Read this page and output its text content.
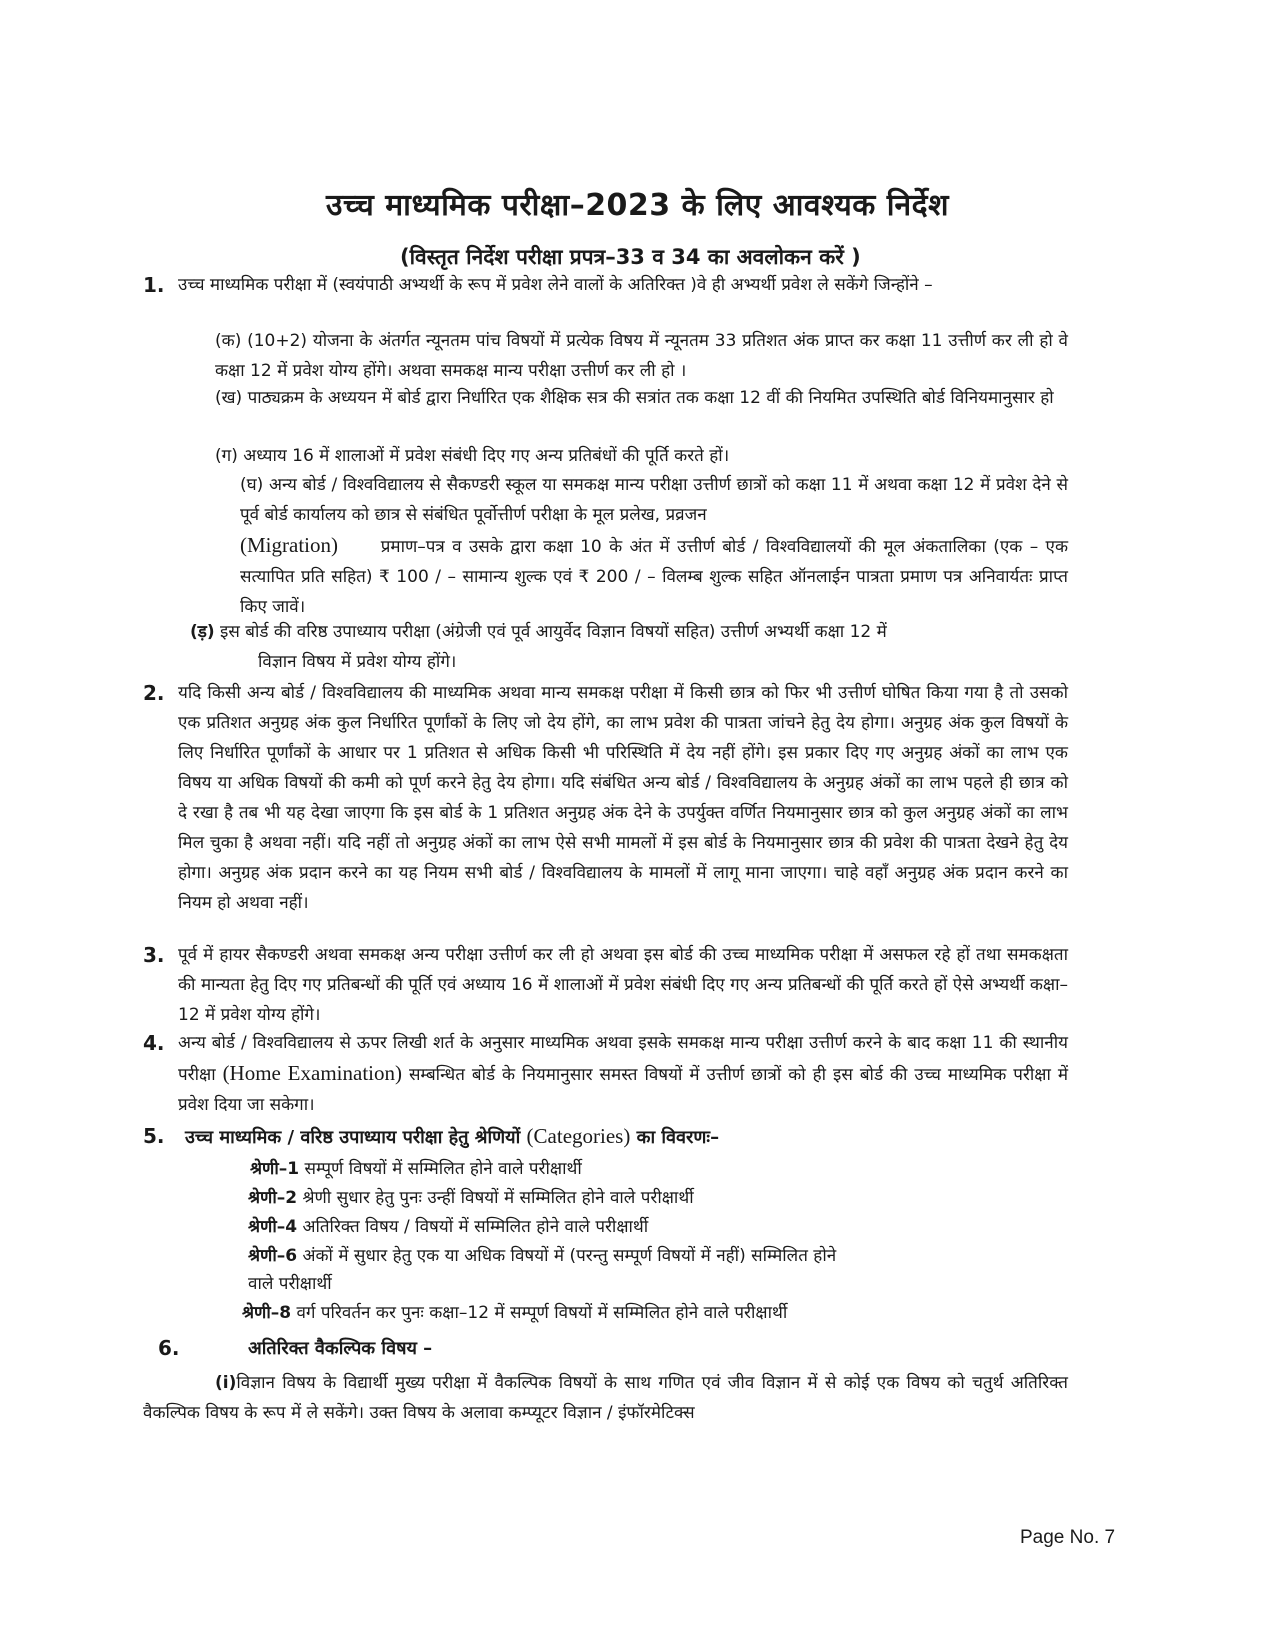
उच्च माध्यमिक परीक्षा–2023 के लिए आवश्यक निर्देश
(विस्तृत निर्देश परीक्षा प्रपत्र–33 व 34 का अवलोकन करें )
1. उच्च माध्यमिक परीक्षा में (स्वयंपाठी अभ्यर्थी के रूप में प्रवेश लेने वालों के अतिरिक्त )वे ही अभ्यर्थी प्रवेश ले सकेंगे जिन्होंने –
(क) (10+2) योजना के अंतर्गत न्यूनतम पांच विषयों में प्रत्येक विषय में न्यूनतम 33 प्रतिशत अंक प्राप्त कर कक्षा 11 उत्तीर्ण कर ली हो वे कक्षा 12 में प्रवेश योग्य होंगे। अथवा समकक्ष मान्य परीक्षा उत्तीर्ण कर ली हो ।
(ख) पाठ्यक्रम के अध्ययन में बोर्ड द्वारा निर्धारित एक शैक्षिक सत्र की सत्रांत तक कक्षा 12 वीं की नियमित उपस्थिति बोर्ड विनियमानुसार हो
(ग) अध्याय 16 में शालाओं में प्रवेश संबंधी दिए गए अन्य प्रतिबंधों की पूर्ति करते हों।
(घ) अन्य बोर्ड / विश्वविद्यालय से सैकण्डरी स्कूल या समकक्ष मान्य परीक्षा उत्तीर्ण छात्रों को कक्षा 11 में अथवा कक्षा 12 में प्रवेश देने से पूर्व बोर्ड कार्यालय को छात्र से संबंधित पूर्वोत्तीर्ण परीक्षा के मूल प्रलेख, प्रव्रजन
(Migration)	प्रमाण–पत्र व उसके द्वारा कक्षा 10 के अंत में उत्तीर्ण बोर्ड / विश्वविद्यालयों की मूल अंकतालिका (एक – एक सत्यापित प्रति सहित) ₹ 100 / – सामान्य शुल्क एवं ₹ 200 / – विलम्ब शुल्क सहित ऑनलाईन पात्रता प्रमाण पत्र अनिवार्यतः प्राप्त किए जावें।
(ड़) इस बोर्ड की वरिष्ठ उपाध्याय परीक्षा (अंग्रेजी एवं पूर्व आयुर्वेद विज्ञान विषयों सहित) उत्तीर्ण अभ्यर्थी कक्षा 12 में
विज्ञान विषय में प्रवेश योग्य होंगे।
2. यदि किसी अन्य बोर्ड / विश्वविद्यालय की माध्यमिक अथवा मान्य समकक्ष परीक्षा में किसी छात्र को फिर भी उत्तीर्ण घोषित किया गया है तो उसको एक प्रतिशत अनुग्रह अंक कुल निर्धारित पूर्णांकों के लिए जो देय होंगे, का लाभ प्रवेश की पात्रता जांचने हेतु देय होगा। अनुग्रह अंक कुल विषयों के लिए निर्धारित पूर्णांकों के आधार पर 1 प्रतिशत से अधिक किसी भी परिस्थिति में देय नहीं होंगे। इस प्रकार दिए गए अनुग्रह अंकों का लाभ एक विषय या अधिक विषयों की कमी को पूर्ण करने हेतु देय होगा। यदि संबंधित अन्य बोर्ड / विश्वविद्यालय के अनुग्रह अंकों का लाभ पहले ही छात्र को दे रखा है तब भी यह देखा जाएगा कि इस बोर्ड के 1 प्रतिशत अनुग्रह अंक देने के उपर्युक्त वर्णित नियमानुसार छात्र को कुल अनुग्रह अंकों का लाभ मिल चुका है अथवा नहीं। यदि नहीं तो अनुग्रह अंकों का लाभ ऐसे सभी मामलों में इस बोर्ड के नियमानुसार छात्र की प्रवेश की पात्रता देखने हेतु देय होगा। अनुग्रह अंक प्रदान करने का यह नियम सभी बोर्ड / विश्वविद्यालय के मामलों में लागू माना जाएगा। चाहे वहाँ अनुग्रह अंक प्रदान करने का नियम हो अथवा नहीं।
3. पूर्व में हायर सैकण्डरी अथवा समकक्ष अन्य परीक्षा उत्तीर्ण कर ली हो अथवा इस बोर्ड की उच्च माध्यमिक परीक्षा में असफल रहे हों तथा समकक्षता की मान्यता हेतु दिए गए प्रतिबन्धों की पूर्ति एवं अध्याय 16 में शालाओं में प्रवेश संबंधी दिए गए अन्य प्रतिबन्धों की पूर्ति करते हों ऐसे अभ्यर्थी कक्षा–12 में प्रवेश योग्य होंगे।
4. अन्य बोर्ड / विश्वविद्यालय से ऊपर लिखी शर्त के अनुसार माध्यमिक अथवा इसके समकक्ष मान्य परीक्षा उत्तीर्ण करने के बाद कक्षा 11 की स्थानीय परीक्षा (Home Examination) सम्बन्धित बोर्ड के नियमानुसार समस्त विषयों में उत्तीर्ण छात्रों को ही इस बोर्ड की उच्च माध्यमिक परीक्षा में प्रवेश दिया जा सकेगा।
5. उच्च माध्यमिक / वरिष्ठ उपाध्याय परीक्षा हेतु श्रेणियों (Categories) का विवरणः–
श्रेणी–1 सम्पूर्ण विषयों में सम्मिलित होने वाले परीक्षार्थी
श्रेणी–2 श्रेणी सुधार हेतु पुनः उन्हीं विषयों में सम्मिलित होने वाले परीक्षार्थी
श्रेणी–4 अतिरिक्त विषय / विषयों में सम्मिलित होने वाले परीक्षार्थी
श्रेणी–6 अंकों में सुधार हेतु एक या अधिक विषयों में (परन्तु सम्पूर्ण विषयों में नहीं) सम्मिलित होने
वाले परीक्षार्थी
श्रेणी–8 वर्ग परिवर्तन कर पुनः कक्षा–12 में सम्पूर्ण विषयों में सम्मिलित होने वाले परीक्षार्थी
6.	अतिरिक्त वैकल्पिक विषय –
(i)विज्ञान विषय के विद्यार्थी मुख्य परीक्षा में वैकल्पिक विषयों के साथ गणित एवं जीव विज्ञान में से कोई एक विषय को चतुर्थ अतिरिक्त वैकल्पिक विषय के रूप में ले सकेंगे। उक्त विषय के अलावा कम्प्यूटर विज्ञान / इंफॉरमेटिक्स
Page No. 7
